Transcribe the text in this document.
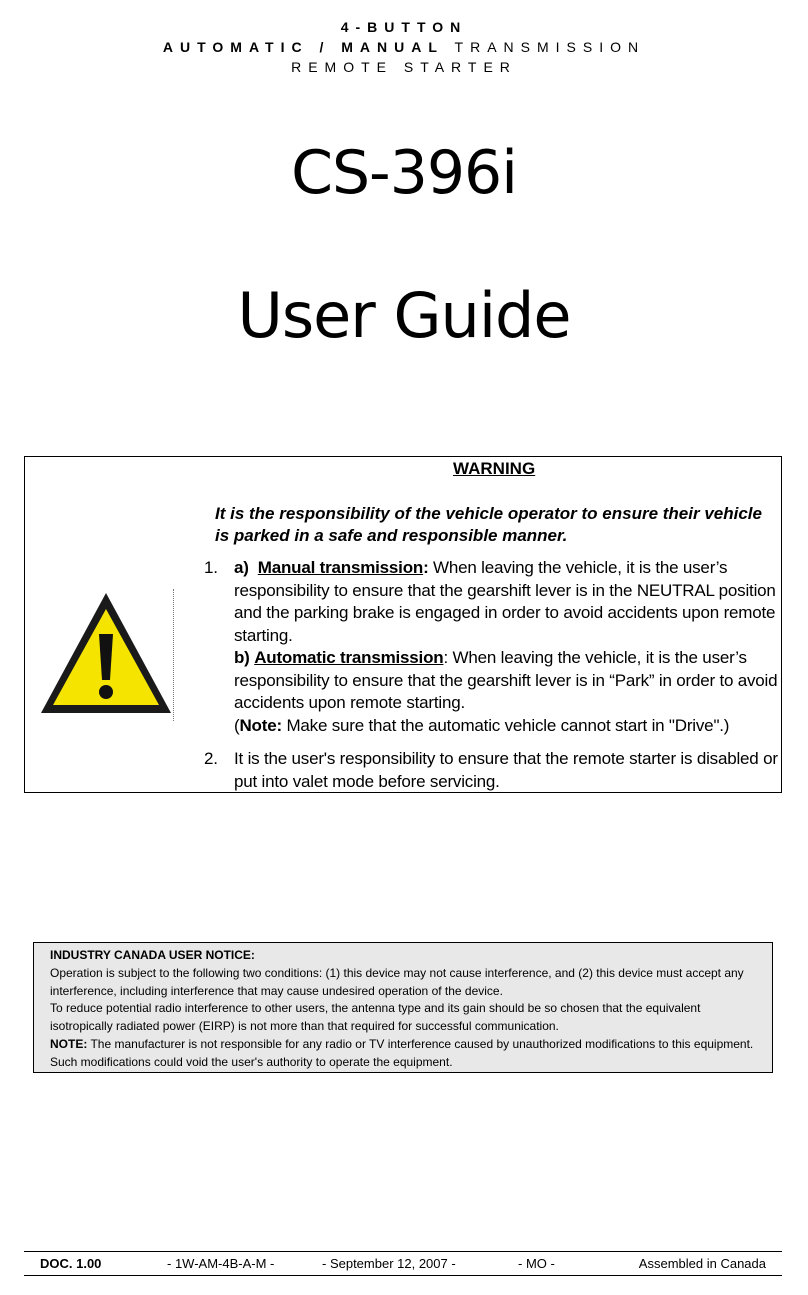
4-BUTTON
AUTOMATIC / MANUAL TRANSMISSION
REMOTE STARTER
CS-396i
User Guide
WARNING
It is the responsibility of the vehicle operator to ensure their vehicle is parked in a safe and responsible manner.
1. a) Manual transmission: When leaving the vehicle, it is the user’s responsibility to ensure that the gearshift lever is in the NEUTRAL position and the parking brake is engaged in order to avoid accidents upon remote starting.
b) Automatic transmission: When leaving the vehicle, it is the user’s responsibility to ensure that the gearshift lever is in “Park” in order to avoid accidents upon remote starting.
(Note: Make sure that the automatic vehicle cannot start in "Drive".)
2. It is the user's responsibility to ensure that the remote starter is disabled or
put into valet mode before servicing.

INDUSTRY CANADA USER NOTICE:

Operation is subject to the following two conditions: (1) this device may not cause interference, and (2) this device must accept any interference, including interference that may cause undesired operation of the device.

To reduce potential radio interference to other users, the antenna type and its gain should be so chosen that the equivalent isotropically radiated power (EIRP) is not more than that required for successful communication.

NOTE: The manufacturer is not responsible for any radio or TV interference caused by unauthorized modifications to this equipment. Such modifications could void the user's authority to operate the equipment.

DOC. 1.00	- 1W-AM-4B-A-M -	- September 12, 2007 -	- MO -	Assembled in Canada
